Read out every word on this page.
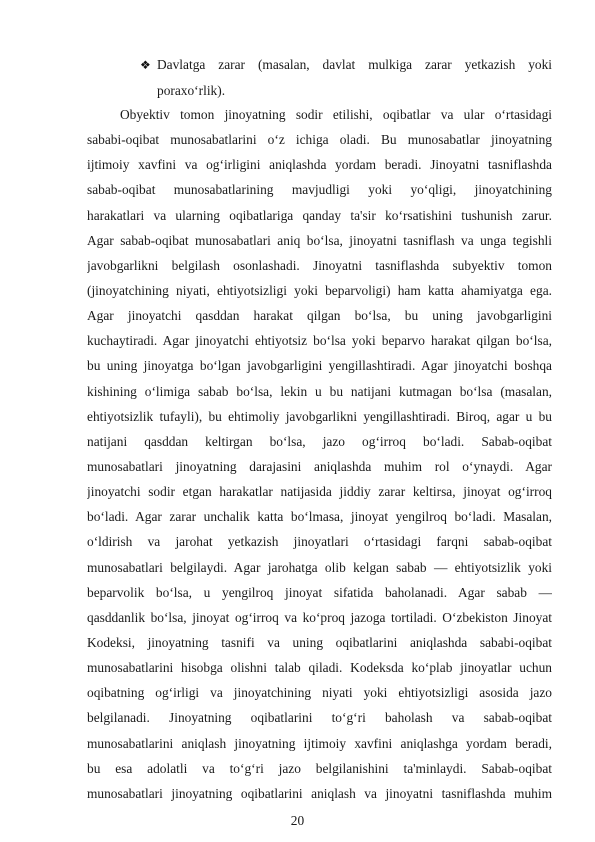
❖ Davlatga zarar (masalan, davlat mulkiga zarar yetkazish yoki
poraxo‘rlik).
Obyektiv tomon jinoyatning sodir etilishi, oqibatlar va ular o‘rtasidagi
sababi-oqibat munosabatlarini o‘z ichiga oladi. Bu munosabatlar jinoyatning
ijtimoiy xavfini va og‘irligini aniqlashda yordam beradi. Jinoyatni tasniflashda
sabab-oqibat munosabatlarining mavjudligi yoki yo‘qligi, jinoyatchining
harakatlari va ularning oqibatlariga qanday ta'sir ko‘rsatishini tushunish zarur.
Agar sabab-oqibat munosabatlari aniq bo‘lsa, jinoyatni tasniflash va unga tegishli
javobgarlikni belgilash osonlashadi. Jinoyatni tasniflashda subyektiv tomon
(jinoyatchining niyati, ehtiyotsizligi yoki beparvoligi) ham katta ahamiyatga ega.
Agar jinoyatchi qasddan harakat qilgan bo‘lsa, bu uning javobgarligini
kuchaytiradi. Agar jinoyatchi ehtiyotsiz bo‘lsa yoki beparvo harakat qilgan bo‘lsa,
bu uning jinoyatga bo‘lgan javobgarligini yengillashtiradi. Agar jinoyatchi boshqa
kishining o‘limiga sabab bo‘lsa, lekin u bu natijani kutmagan bo‘lsa (masalan,
ehtiyotsizlik tufayli), bu ehtimoliy javobgarlikni yengillashtiradi. Biroq, agar u bu
natijani qasddan keltirgan bo‘lsa, jazo og‘irroq bo‘ladi. Sabab-oqibat
munosabatlari jinoyatning darajasini aniqlashda muhim rol o‘ynaydi. Agar
jinoyatchi sodir etgan harakatlar natijasida jiddiy zarar keltirsa, jinoyat og‘irroq
bo‘ladi. Agar zarar unchalik katta bo‘lmasa, jinoyat yengilroq bo‘ladi. Masalan,
o‘ldirish va jarohat yetkazish jinoyatlari o‘rtasidagi farqni sabab-oqibat
munosabatlari belgilaydi. Agar jarohatga olib kelgan sabab — ehtiyotsizlik yoki
beparvolik bo‘lsa, u yengilroq jinoyat sifatida baholanadi. Agar sabab —
qasddanlik bo‘lsa, jinoyat og‘irroq va ko‘proq jazoga tortiladi. O‘zbekiston Jinoyat
Kodeksi, jinoyatning tasnifi va uning oqibatlarini aniqlashda sababi-oqibat
munosabatlarini hisobga olishni talab qiladi. Kodeksda ko‘plab jinoyatlar uchun
oqibatning og‘irligi va jinoyatchining niyati yoki ehtiyotsizligi asosida jazo
belgilanadi. Jinoyatning oqibatlarini to‘g‘ri baholash va sabab-oqibat
munosabatlarini aniqlash jinoyatning ijtimoiy xavfini aniqlashga yordam beradi,
bu esa adolatli va to‘g‘ri jazo belgilanishini ta'minlaydi. Sabab-oqibat
munosabatlari jinoyatning oqibatlarini aniqlash va jinoyatni tasniflashda muhim
20
